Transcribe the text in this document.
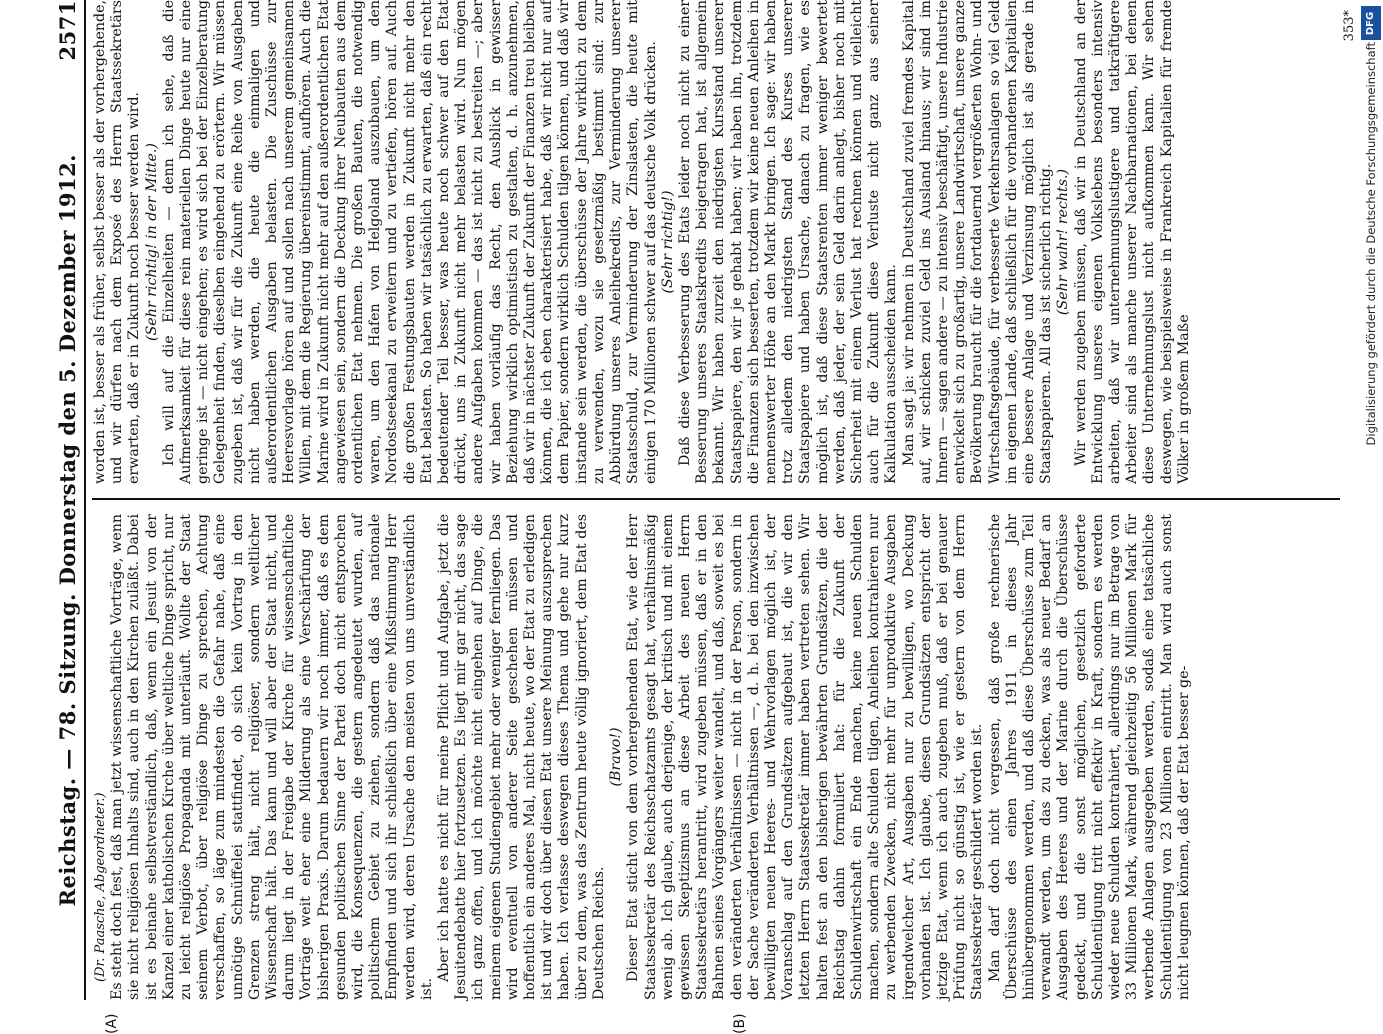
Reichstag. — 78. Sitzung. Donnerstag den 5. Dezember 1912.
2571
(A)	(B)

(Dr. Paasche, Abgeordneter.) Es steht doch fest, daß man jetzt wissenschaftliche Vorträge, wenn sie nicht religiösen Inhalts sind, auch in den Kirchen zuläßt. Dabei ist es beinahe selbstverständlich, daß, wenn ein Jesuit von der Kanzel einer katholischen Kirche über weltliche Dinge spricht, nur zu leicht religiöse Propaganda mit unterläuft. Wollte der Staat seinem Verbot, über religiöse Dinge zu sprechen, Achtung verschaffen, so läge zum mindesten die Gefahr nahe, daß eine unnötige Schnüffelei stattfindet, ob sich kein Vortrag in den Grenzen streng hält, nicht religiöser, sondern weltlicher Wissenschaft hält. Das kann und will aber der Staat nicht, und darum liegt in der Freigabe der Kirche für wissenschaftliche Vorträge weit eher eine Milderung als eine Verschärfung der bisherigen Praxis. Darum bedauern wir noch immer, daß es dem gesunden politischen Sinne der Partei doch nicht entsprochen wird, die Konsequenzen, die gestern angedeutet wurden, auf politischem Gebiet zu ziehen, sondern daß das nationale Empfinden und sich ihr schließlich über eine Mißstimmung Herr werden wird, deren Ursache den meisten von uns unverständlich ist.

Aber ich hatte es nicht für meine Pflicht und Aufgabe, jetzt die Jesuitendebatte hier fortzusetzen. Es liegt mir gar nicht, das sage ich ganz offen, und ich möchte nicht eingehen auf Dinge, die meinem eigenen Studiengebiet mehr oder weniger fernliegen. Das wird eventuell von anderer Seite geschehen müssen und hoffentlich ein anderes Mal, nicht heute, wo der Etat zu erledigen ist und wir doch über diesen Etat unsere Meinung auszusprechen haben. Ich verlasse deswegen dieses Thema und gehe nur kurz über zu dem, was das Zentrum heute völlig ignoriert, dem Etat des Deutschen Reichs.

(Bravo!) Dieser Etat sticht von dem vorhergehenden Etat, wie der Herr Staatssekretär des Reichsschatzamts gesagt hat, verhältnismäßig wenig ab. Ich glaube, auch derjenige, der kritisch und mit einem gewissen Skeptizismus an diese Arbeit des neuen Herrn Staatssekretärs herantritt, wird zugeben müssen, daß er in den Bahnen seines Vorgängers weiter wandelt, und daß, soweit es bei den veränderten Verhältnissen — nicht in der Person, sondern in der Sache veränderten Verhältnissen —, d. h. bei den inzwischen bewilligten neuen Heeres- und Wehrvorlagen möglich ist, der Voranschlag auf den Grundsätzen aufgebaut ist, die wir den letzten Herrn Staatssekretär immer haben vertreten sehen. Wir halten fest an den bisherigen bewährten Grundsätzen, die der Reichstag dahin formuliert hat: für die Zukunft der Schuldenwirtschaft ein Ende machen, keine neuen Schulden machen, sondern alte Schulden tilgen, Anleihen kontrahieren nur zu werbenden Zwecken, nicht mehr für unproduktive Ausgaben irgendwelcher Art, Ausgaben nur zu bewilligen, wo Deckung vorhanden ist. Ich glaube, diesen Grundsätzen entspricht der jetzige Etat, wenn ich auch zugeben muß, daß er bei genauer Prüfung nicht so günstig ist, wie er gestern von dem Herrn Staatssekretär geschildert worden ist. Man darf doch nicht vergessen, daß große rechnerische Überschüsse des einen Jahres 1911 in dieses Jahr hinübergenommen werden, und daß diese Überschüsse zum Teil verwandt werden, um das zu decken, was als neuer Bedarf an Ausgaben des Heeres und der Marine durch die Überschüsse gedeckt, und die sonst möglichen, gesetzlich geforderte Schuldentilgung tritt nicht effektiv in Kraft, sondern es werden wieder neue Schulden kontrahiert, allerdings nur im Betrage von 33 Millionen Mark, während gleichzeitig 56 Millionen Mark für werbende Anlagen ausgegeben werden, sodaß eine tatsächliche Schuldentilgung von 23 Millionen eintritt. Man wird auch sonst nicht leugnen können, daß der Etat besser ge-

worden ist, besser als früher, selbst besser als der vorhergehende, und wir dürfen nach dem Exposé des Herrn Staatssekretärs erwarten, daß er in Zukunft noch besser werden wird. (Sehr richtig! in der Mitte.) Ich will auf die Einzelheiten — denn ich sehe, daß die Aufmerksamkeit für diese rein materiellen Dinge heute nur eine geringe ist — nicht eingehen; es wird sich bei der Einzelberatung Gelegenheit finden, dieselben eingehend zu erörtern. Wir müssen zugeben ist, daß wir für die Zukunft eine Reihe von Ausgaben nicht haben werden, die heute die einmaligen und außerordentlichen Ausgaben belasten. Die Zuschüsse zur Heeresvorlage hören auf und sollen nach unserem gemeinsamen Willen, mit dem die Regierung übereinstimmt, aufhören. Auch die Marine wird in Zukunft nicht mehr auf den außerordentlichen Etat angewiesen sein, sondern die Deckung ihrer Neubauten aus dem ordentlichen Etat nehmen. Die großen Bauten, die notwendig waren, um den Hafen von Helgoland auszubauen, um den Nordostseekanal zu erweitern und zu vertiefen, hören auf. Auch die großen Festungsbauten werden in Zukunft nicht mehr den Etat belasten. So haben wir tatsächlich zu erwarten, daß ein recht bedeutender Teil besser, was heute noch schwer auf den Etat drückt, uns in Zukunft nicht mehr belasten wird. Nun mögen andere Aufgaben kommen — das ist nicht zu bestreiten —; aber wir haben vorläufig das Recht, den Ausblick in gewisser Beziehung wirklich optimistisch zu gestalten, d. h. anzunehmen, daß wir in nächster Zukunft der Zukunft der Finanzen treu bleiben können, die ich eben charakterisiert habe, daß wir nicht nur auf dem Papier, sondern wirklich Schulden tilgen können, und daß wir instande sein werden, die überschüsse der Jahre wirklich zu dem zu verwenden, wozu sie gesetzmäßig bestimmt sind: zur Abbürdung unseres Anleihekredits, zur Verminderung unserer Staatsschuld, zur Verminderung der Zinslasten, die heute mit einigen 170 Millionen schwer auf das deutsche Volk drücken. (Sehr richtig!) Daß diese Verbesserung des Etats leider noch nicht zu einer Besserung unseres Staatskredits beigetragen hat, ist allgemein bekannt. Wir haben zurzeit den niedrigsten Kursstand unserer Staatspapiere, den wir je gehabt haben; wir haben ihn, trotzdem die Finanzen sich besserten, trotzdem wir keine neuen Anleihen in nennenswerter Höhe an den Markt bringen. Ich sage: wir haben trotz alledem den niedrigsten Stand des Kurses unserer Staatspapiere und haben Ursache, danach zu fragen, wie es möglich ist, daß diese Staatsrenten immer weniger bewertet werden, daß jeder, der sein Geld darin anlegt, bisher noch mit Sicherheit mit einem Verlust hat rechnen können und vielleicht auch für die Zukunft diese Verluste nicht ganz aus seiner Kalkulation ausscheiden kann. Man sagt ja: wir nehmen in Deutschland zuviel fremdes Kapital auf, wir schicken zuviel Geld ins Ausland hinaus; wir sind im Innern — sagen andere — zu intensiv beschäftigt, unsere Industrie entwickelt sich zu großartig, unsere Landwirtschaft, unsere ganze Bevölkerung braucht für die fortdauernd vergrößerten Wohn- und Wirtschaftsgebäude, für verbesserte Verkehrsanlagen so viel Geld im eigenen Lande, daß schließlich für die vorhandenen Kapitalien eine bessere Anlage und Verzinsung möglich ist als gerade in Staatspapieren. All das ist sicherlich richtig. (Sehr wahr! rechts.) Wir werden zugeben müssen, daß wir in Deutschland an der Entwicklung unseres eigenen Volkslebens besonders intensiv arbeiten, daß wir unternehmungslustigere und tatkräftigere Arbeiter sind als manche unserer Nachbarnationen, bei denen diese Unternehmungslust nicht aufkommen kann. Wir sehen deswegen, wie beispielsweise in Frankreich Kapitalien für fremde Völker in großem Maße

353* DFG
Digitalisierung gefördert durch die Deutsche Forschungsgemeinschaft
